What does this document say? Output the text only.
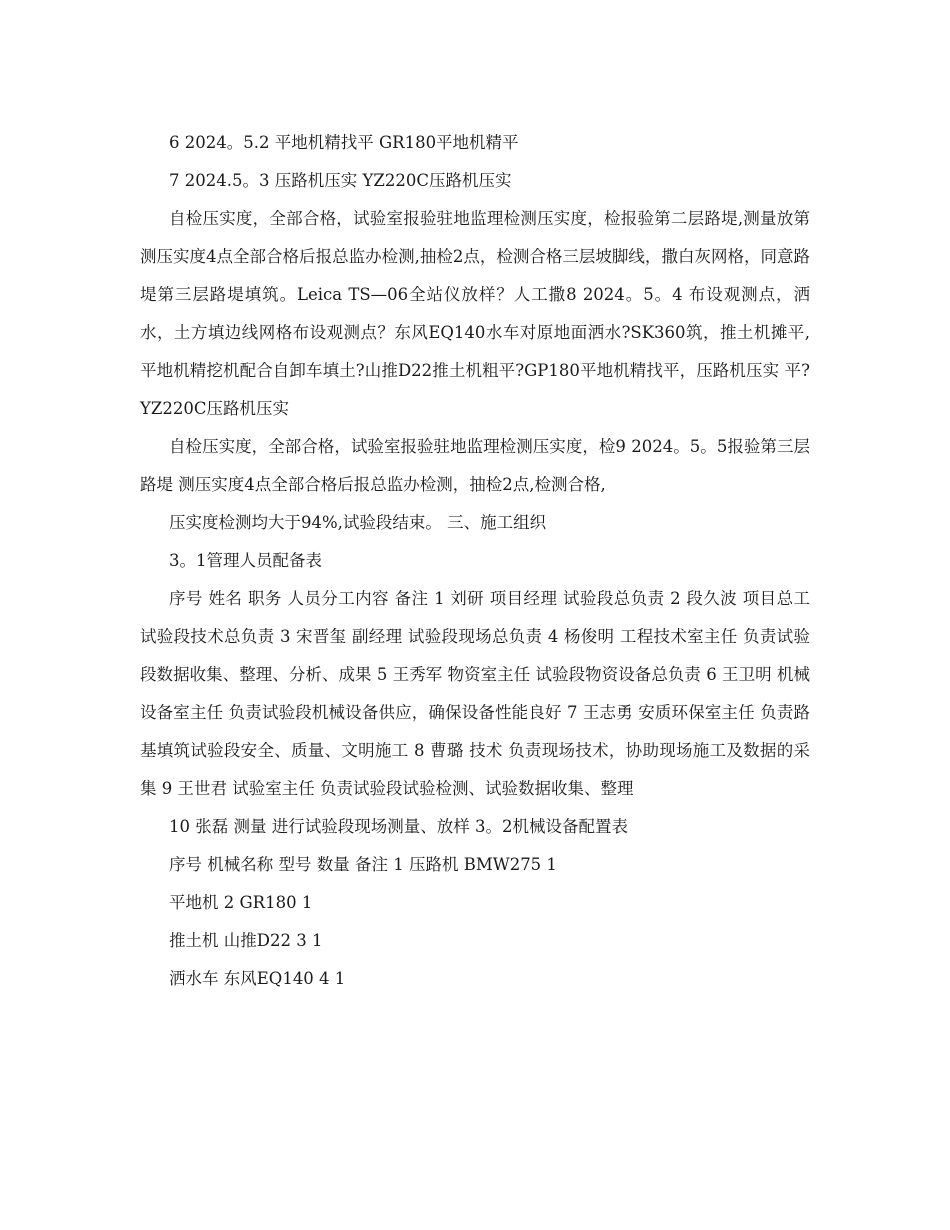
6 2024。5.2 平地机精找平 GR180平地机精平

7 2024.5。3 压路机压实 YZ220C压路机压实

自检压实度，全部合格，试验室报验驻地监理检测压实度，检报验第二层路堤,测量放第测压实度4点全部合格后报总监办检测,抽检2点，检测合格三层坡脚线，撒白灰网格，同意路堤第三层路堤填筑。Leica TS—06全站仪放样？人工撒8 2024。5。4 布设观测点，洒水，土方填边线网格布设观测点？东风EQ140水车对原地面洒水?SK360筑，推土机摊平,平地机精挖机配合自卸车填土?山推D22推土机粗平?GP180平地机精找平，压路机压实 平?YZ220C压路机压实

自检压实度，全部合格，试验室报验驻地监理检测压实度，检9 2024。5。5报验第三层路堤 测压实度4点全部合格后报总监办检测，抽检2点,检测合格,

压实度检测均大于94%,试验段结束。 三、施工组织

3。1管理人员配备表

序号 姓名 职务 人员分工内容 备注 1 刘研 项目经理 试验段总负责 2 段久波 项目总工 试验段技术总负责 3 宋晋玺 副经理 试验段现场总负责 4 杨俊明 工程技术室主任 负责试验段数据收集、整理、分析、成果 5 王秀军 物资室主任 试验段物资设备总负责 6 王卫明 机械设备室主任 负责试验段机械设备供应，确保设备性能良好 7 王志勇 安质环保室主任 负责路基填筑试验段安全、质量、文明施工 8 曹璐 技术 负责现场技术，协助现场施工及数据的采集 9 王世君 试验室主任 负责试验段试验检测、试验数据收集、整理

10 张磊 测量 进行试验段现场测量、放样 3。2机械设备配置表

序号 机械名称 型号 数量 备注 1 压路机 BMW275 1

平地机 2 GR180 1

推土机 山推D22 3 1

洒水车 东风EQ140 4 1
